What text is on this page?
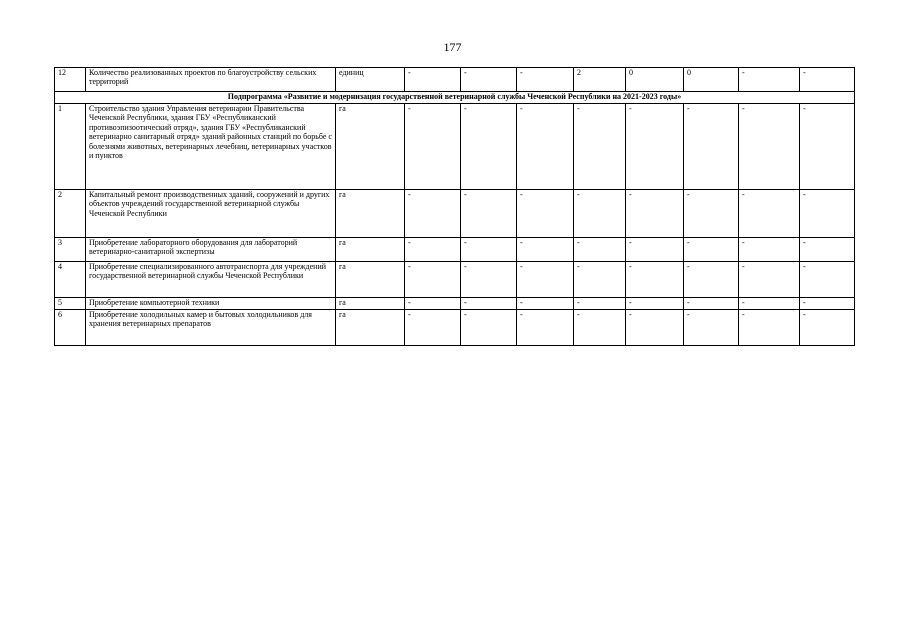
177
12	Количество реализованных проектов по благоустройству сельских территорий	единиц	-	-	-	2	0	0	-	-
Подпрограмма «Развитие и модернизация государственной ветеринарной службы Чеченской Республики на 2021-2023 годы»										
1	Строительство здания Управления ветеринарии Правительства Чеченской Республики, здания ГБУ «Республиканский противоэпизоотический отряд», здания ГБУ «Республиканский ветеринарно санитарный отряд» зданий районных станций по борьбе с болезнями животных, ветеринарных лечебниц, ветеринарных участков и пунктов	га	-	-	-	-	-	-	-	-
2	Капитальный ремонт производственных зданий, сооружений и других объектов учреждений государственной ветеринарной службы Чеченской Республики	га	-	-	-	-	-	-	-	-
3	Приобретение лабораторного оборудования для лабораторий ветеринарно-санитарной экспертизы	га	-	-	-	-	-	-	-	-
4	Приобретение специализированного автотранспорта для учреждений государственной ветеринарной службы Чеченской Республики	га	-	-	-	-	-	-	-	-
5	Приобретение компьютерной техники	га	-	-	-	-	-	-	-	-
6	Приобретение холодильных камер и бытовых холодильников для хранения ветеринарных препаратов	га	-	-	-	-	-	-	-	-
